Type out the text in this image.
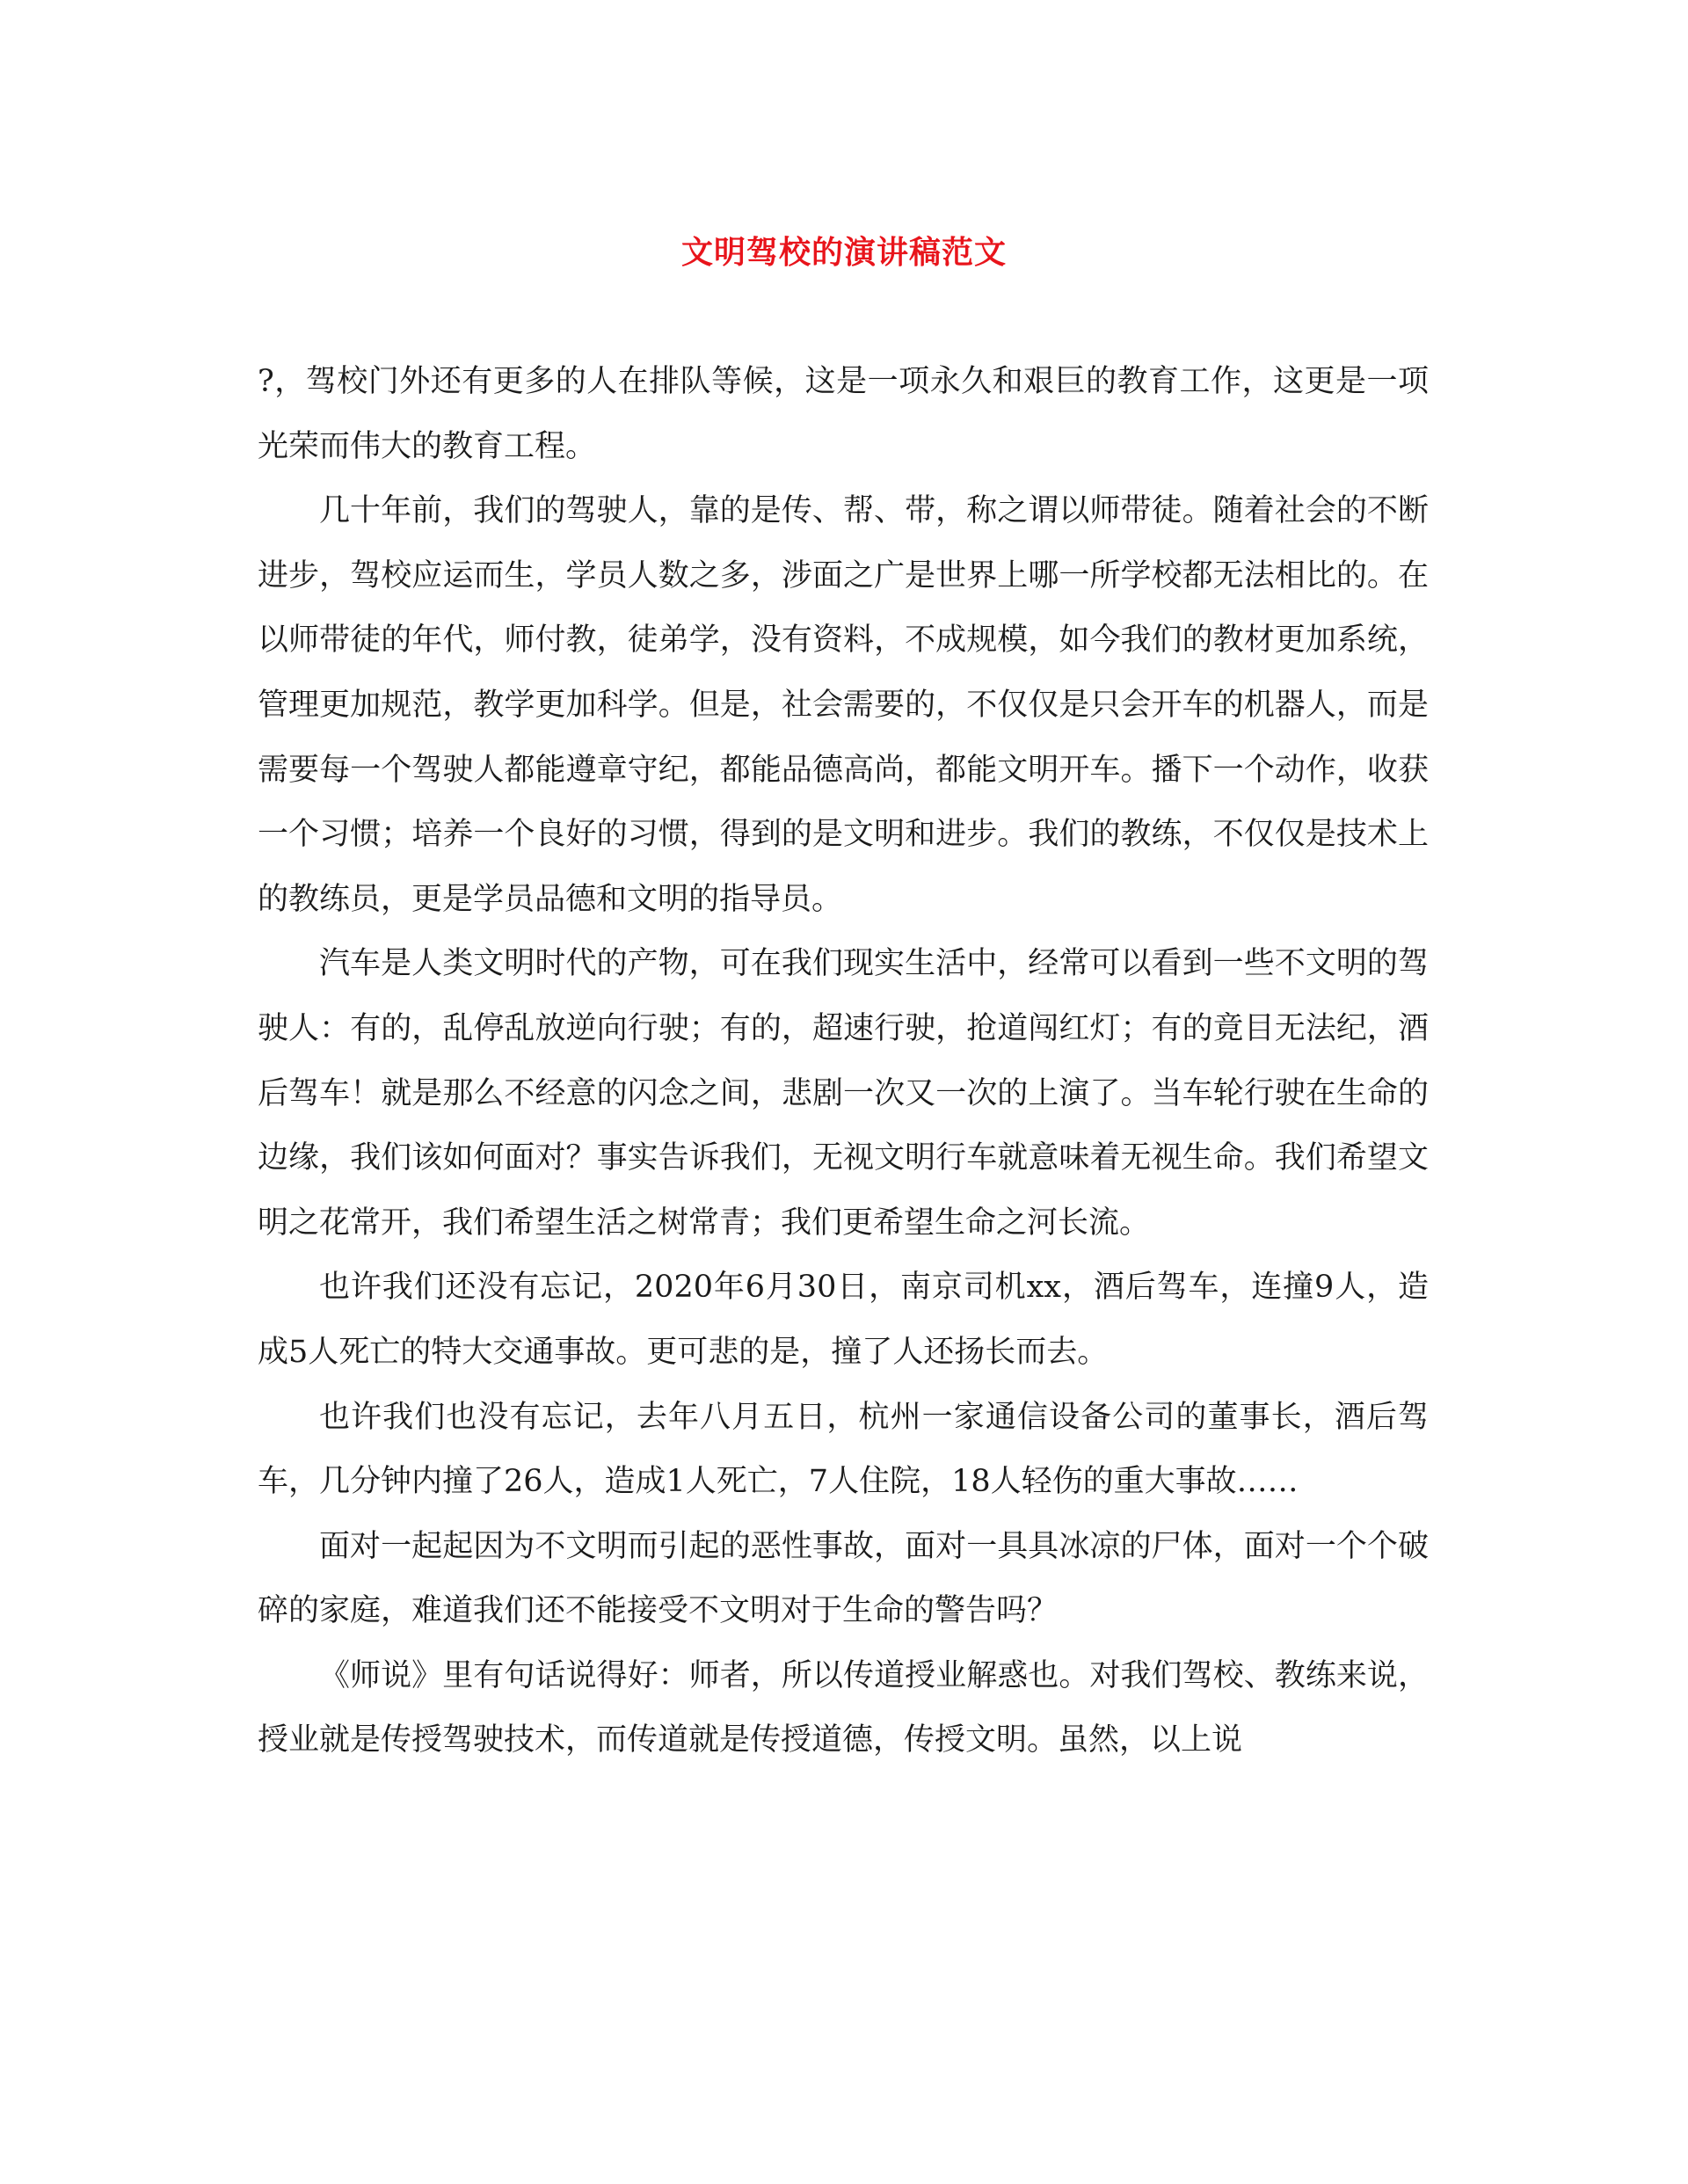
文明驾校的演讲稿范文

?，驾校门外还有更多的人在排队等候，这是一项永久和艰巨的教育工作，这更是一项光荣而伟大的教育工程。

几十年前，我们的驾驶人，靠的是传、帮、带，称之谓以师带徒。随着社会的不断进步，驾校应运而生，学员人数之多，涉面之广是世界上哪一所学校都无法相比的。在以师带徒的年代，师付教，徒弟学，没有资料，不成规模，如今我们的教材更加系统，管理更加规范，教学更加科学。但是，社会需要的，不仅仅是只会开车的机器人，而是需要每一个驾驶人都能遵章守纪，都能品德高尚，都能文明开车。播下一个动作，收获一个习惯；培养一个良好的习惯，得到的是文明和进步。我们的教练，不仅仅是技术上的教练员，更是学员品德和文明的指导员。

汽车是人类文明时代的产物，可在我们现实生活中，经常可以看到一些不文明的驾驶人：有的，乱停乱放逆向行驶；有的，超速行驶，抢道闯红灯；有的竟目无法纪，酒后驾车！就是那么不经意的闪念之间，悲剧一次又一次的上演了。当车轮行驶在生命的边缘，我们该如何面对？事实告诉我们，无视文明行车就意味着无视生命。我们希望文明之花常开，我们希望生活之树常青；我们更希望生命之河长流。

也许我们还没有忘记，2020年6月30日，南京司机xx，酒后驾车，连撞9人，造成5人死亡的特大交通事故。更可悲的是，撞了人还扬长而去。

也许我们也没有忘记，去年八月五日，杭州一家通信设备公司的董事长，酒后驾车，几分钟内撞了26人，造成1人死亡，7人住院，18人轻伤的重大事故……

面对一起起因为不文明而引起的恶性事故，面对一具具冰凉的尸体，面对一个个破碎的家庭，难道我们还不能接受不文明对于生命的警告吗？

《师说》里有句话说得好：师者，所以传道授业解惑也。对我们驾校、教练来说，授业就是传授驾驶技术，而传道就是传授道德，传授文明。虽然，以上说
